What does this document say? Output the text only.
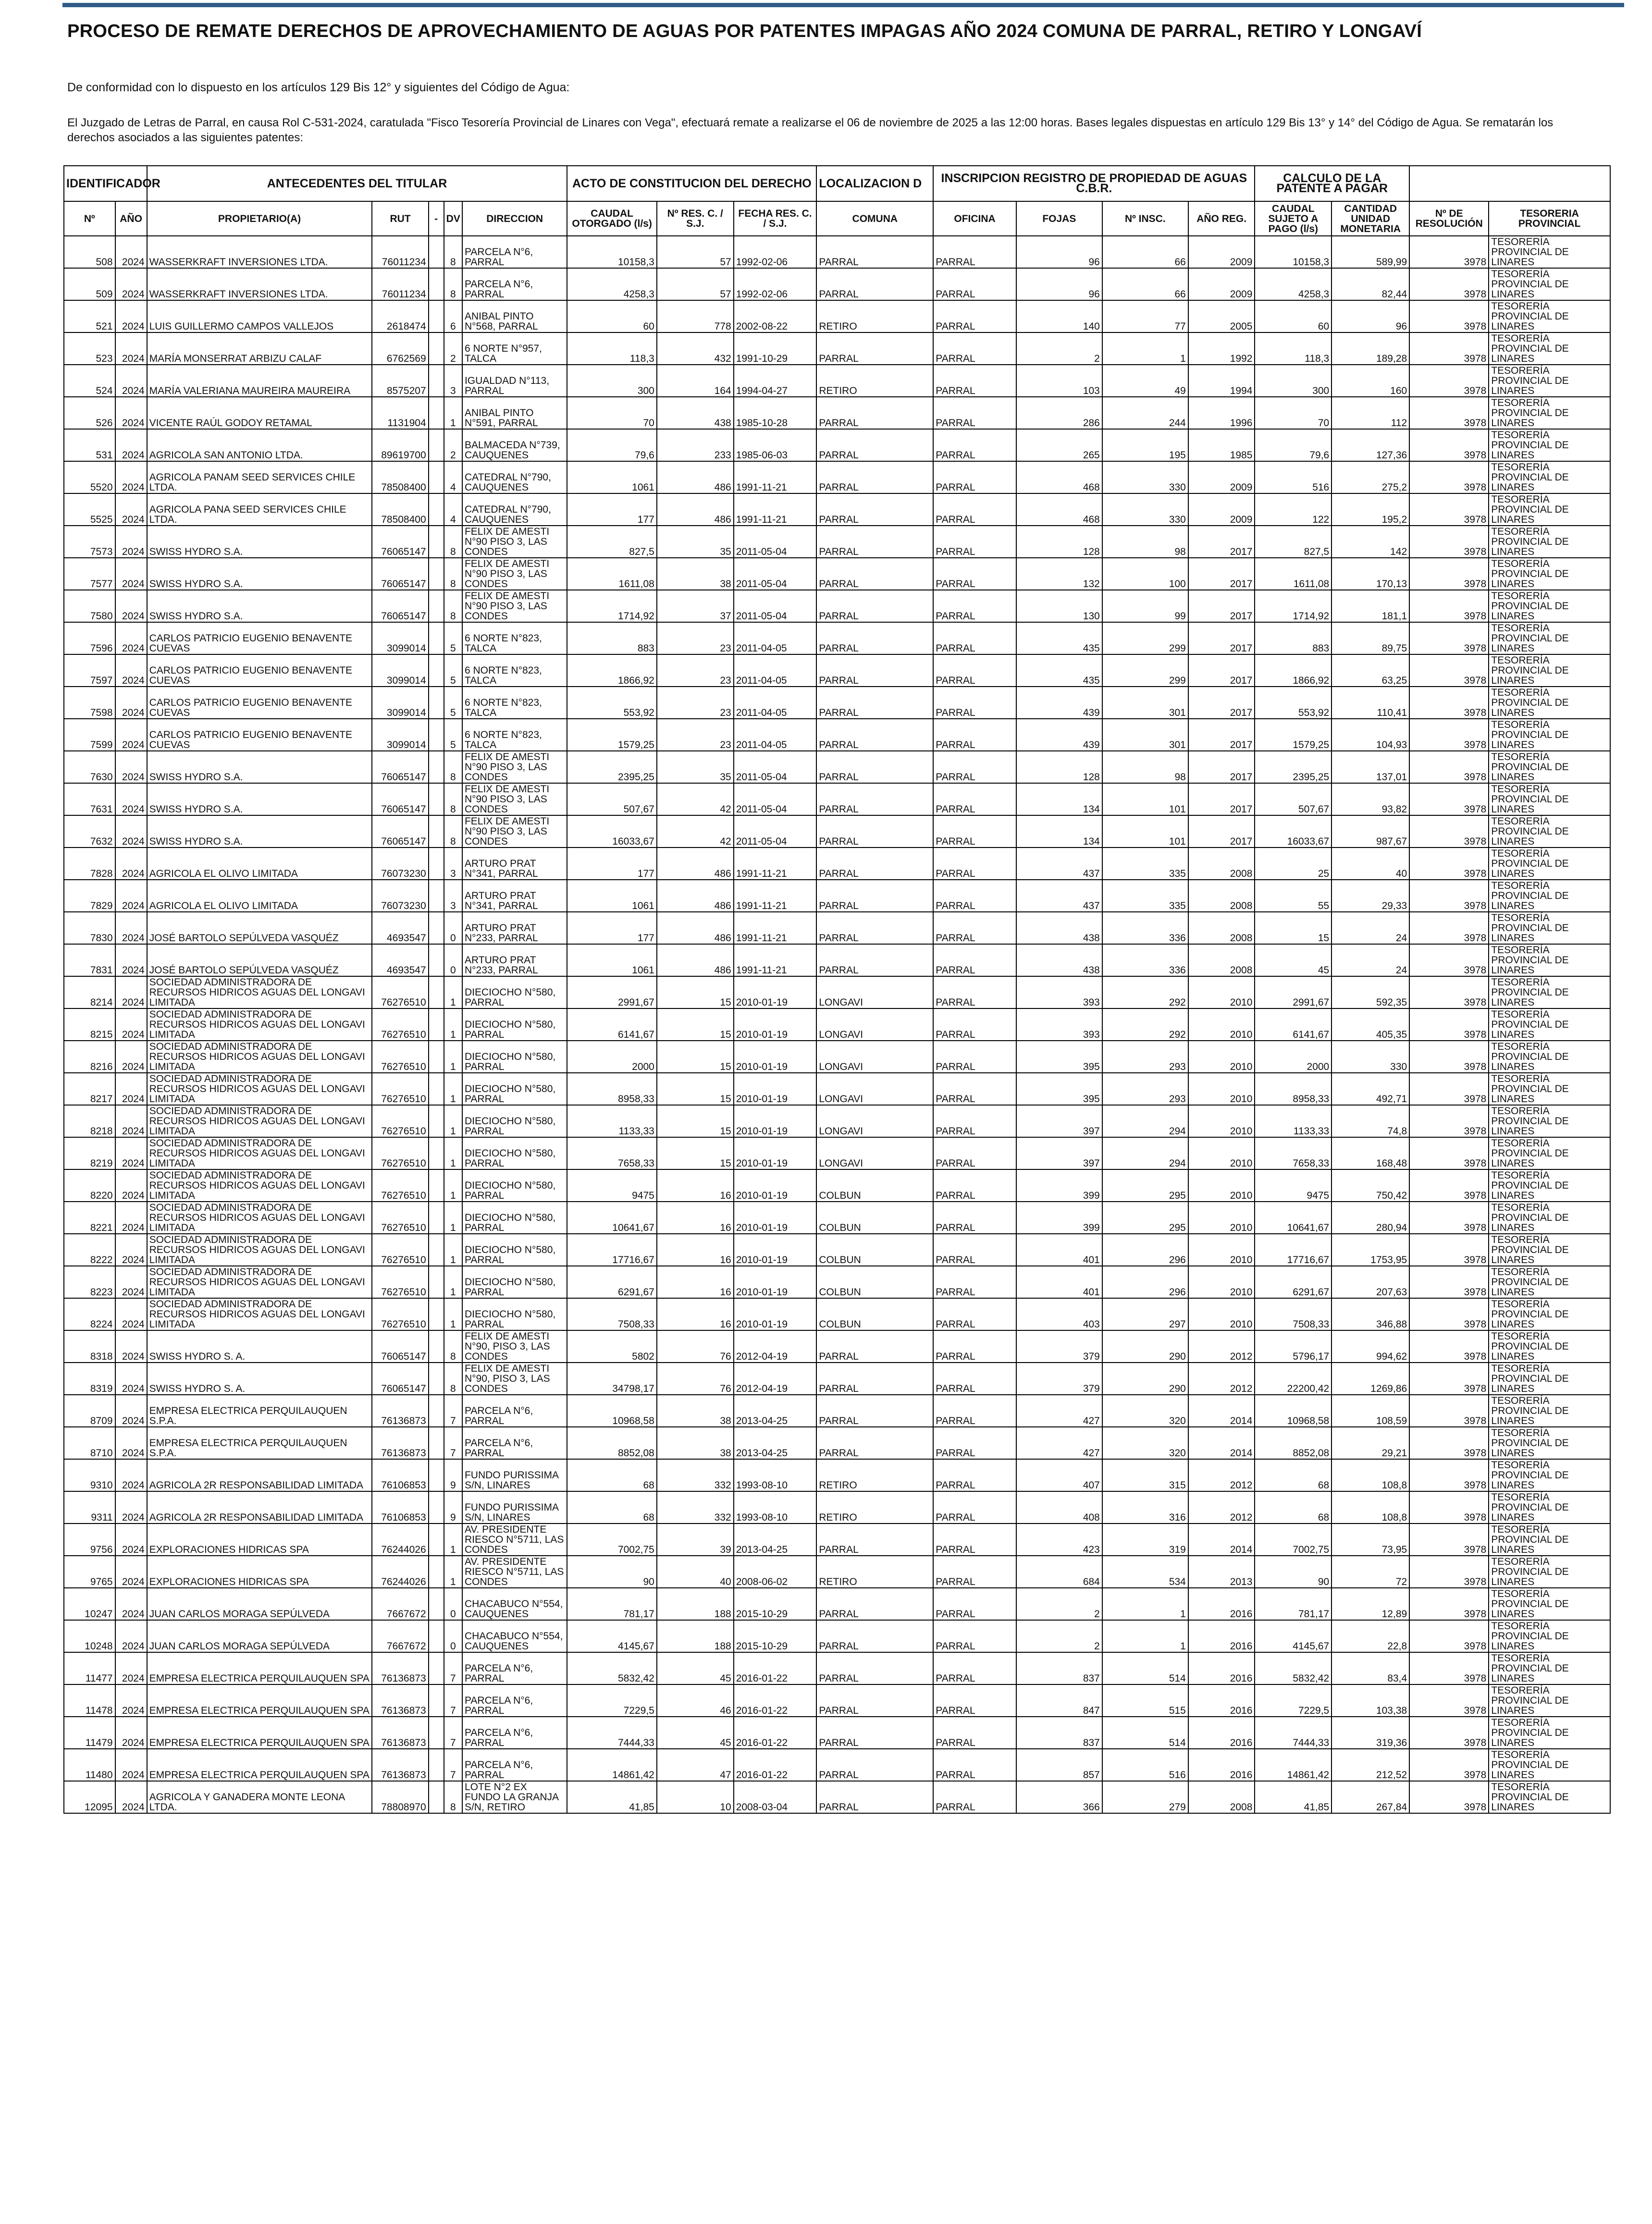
PROCESO DE REMATE DERECHOS DE APROVECHAMIENTO DE AGUAS POR PATENTES IMPAGAS AÑO 2024 COMUNA DE PARRAL, RETIRO Y LONGAVÍ
De conformidad con lo dispuesto en los artículos 129 Bis 12° y siguientes del Código de Agua:
El Juzgado de Letras de Parral, en causa Rol C-531-2024, caratulada "Fisco Tesorería Provincial de Linares con Vega", efectuará remate a realizarse el 06 de noviembre de 2025 a las 12:00 horas. Bases legales dispuestas en artículo 129 Bis 13° y 14° del Código de Agua. Se rematarán los derechos asociados a las siguientes patentes:
IDENTIFICADOR		ANTECEDENTES DEL TITULAR					ACTO DE CONSTITUCION DEL DERECHO			LOCALIZACION D	INSCRIPCION REGISTRO DE PROPIEDAD DE AGUAS C.B.R.				CALCULO DE LA PATENTE A PAGAR			
Nº	AÑO	PROPIETARIO(A)	RUT	-	DV	DIRECCION	CAUDAL OTORGADO (l/s)	Nº RES. C. / S.J.	FECHA RES. C. / S.J.	COMUNA	OFICINA	FOJAS	Nº INSC.	AÑO REG.	CAUDAL SUJETO A PAGO (l/s)	CANTIDAD UNIDAD MONETARIA	Nº DE RESOLUCIÓN	TESORERIA PROVINCIAL
508	2024	WASSERKRAFT INVERSIONES LTDA.	76011234		8	PARCELA N°6, PARRAL	10158,3	57	1992-02-06	PARRAL	PARRAL	96	66	2009	10158,3	589,99	3978	TESORERÍA PROVINCIAL DE LINARES
509	2024	WASSERKRAFT INVERSIONES LTDA.	76011234		8	PARCELA N°6, PARRAL	4258,3	57	1992-02-06	PARRAL	PARRAL	96	66	2009	4258,3	82,44	3978	TESORERÍA PROVINCIAL DE LINARES
521	2024	LUIS GUILLERMO CAMPOS VALLEJOS	2618474		6	ANIBAL PINTO N°568, PARRAL	60	778	2002-08-22	RETIRO	PARRAL	140	77	2005	60	96	3978	TESORERÍA PROVINCIAL DE LINARES
523	2024	MARÍA MONSERRAT ARBIZU CALAF	6762569		2	6 NORTE N°957, TALCA	118,3	432	1991-10-29	PARRAL	PARRAL	2	1	1992	118,3	189,28	3978	TESORERÍA PROVINCIAL DE LINARES
524	2024	MARÍA VALERIANA MAUREIRA MAUREIRA	8575207		3	IGUALDAD N°113, PARRAL	300	164	1994-04-27	RETIRO	PARRAL	103	49	1994	300	160	3978	TESORERÍA PROVINCIAL DE LINARES
526	2024	VICENTE RAÚL GODOY RETAMAL	1131904		1	ANIBAL PINTO N°591, PARRAL	70	438	1985-10-28	PARRAL	PARRAL	286	244	1996	70	112	3978	TESORERÍA PROVINCIAL DE LINARES
531	2024	AGRICOLA SAN ANTONIO LTDA.	89619700		2	BALMACEDA N°739, CAUQUENES	79,6	233	1985-06-03	PARRAL	PARRAL	265	195	1985	79,6	127,36	3978	TESORERÍA PROVINCIAL DE LINARES
5520	2024	AGRICOLA PANAM SEED SERVICES CHILE LTDA.	78508400		4	CATEDRAL N°790, CAUQUENES	1061	486	1991-11-21	PARRAL	PARRAL	468	330	2009	516	275,2	3978	TESORERÍA PROVINCIAL DE LINARES
5525	2024	AGRICOLA PANA SEED SERVICES CHILE LTDA.	78508400		4	CATEDRAL N°790, CAUQUENES	177	486	1991-11-21	PARRAL	PARRAL	468	330	2009	122	195,2	3978	TESORERÍA PROVINCIAL DE LINARES
7573	2024	SWISS HYDRO S.A.	76065147		8	FELIX DE AMESTI N°90 PISO 3, LAS CONDES	827,5	35	2011-05-04	PARRAL	PARRAL	128	98	2017	827,5	142	3978	TESORERÍA PROVINCIAL DE LINARES
7577	2024	SWISS HYDRO S.A.	76065147		8	FELIX DE AMESTI N°90 PISO 3, LAS CONDES	1611,08	38	2011-05-04	PARRAL	PARRAL	132	100	2017	1611,08	170,13	3978	TESORERÍA PROVINCIAL DE LINARES
7580	2024	SWISS HYDRO S.A.	76065147		8	FELIX DE AMESTI N°90 PISO 3, LAS CONDES	1714,92	37	2011-05-04	PARRAL	PARRAL	130	99	2017	1714,92	181,1	3978	TESORERÍA PROVINCIAL DE LINARES
7596	2024	CARLOS PATRICIO EUGENIO BENAVENTE CUEVAS	3099014		5	6 NORTE N°823, TALCA	883	23	2011-04-05	PARRAL	PARRAL	435	299	2017	883	89,75	3978	TESORERÍA PROVINCIAL DE LINARES
7597	2024	CARLOS PATRICIO EUGENIO BENAVENTE CUEVAS	3099014		5	6 NORTE N°823, TALCA	1866,92	23	2011-04-05	PARRAL	PARRAL	435	299	2017	1866,92	63,25	3978	TESORERÍA PROVINCIAL DE LINARES
7598	2024	CARLOS PATRICIO EUGENIO BENAVENTE CUEVAS	3099014		5	6 NORTE N°823, TALCA	553,92	23	2011-04-05	PARRAL	PARRAL	439	301	2017	553,92	110,41	3978	TESORERÍA PROVINCIAL DE LINARES
7599	2024	CARLOS PATRICIO EUGENIO BENAVENTE CUEVAS	3099014		5	6 NORTE N°823, TALCA	1579,25	23	2011-04-05	PARRAL	PARRAL	439	301	2017	1579,25	104,93	3978	TESORERÍA PROVINCIAL DE LINARES
7630	2024	SWISS HYDRO S.A.	76065147		8	FELIX DE AMESTI N°90 PISO 3, LAS CONDES	2395,25	35	2011-05-04	PARRAL	PARRAL	128	98	2017	2395,25	137,01	3978	TESORERÍA PROVINCIAL DE LINARES
7631	2024	SWISS HYDRO S.A.	76065147		8	FELIX DE AMESTI N°90 PISO 3, LAS CONDES	507,67	42	2011-05-04	PARRAL	PARRAL	134	101	2017	507,67	93,82	3978	TESORERÍA PROVINCIAL DE LINARES
7632	2024	SWISS HYDRO S.A.	76065147		8	FELIX DE AMESTI N°90 PISO 3, LAS CONDES	16033,67	42	2011-05-04	PARRAL	PARRAL	134	101	2017	16033,67	987,67	3978	TESORERÍA PROVINCIAL DE LINARES
7828	2024	AGRICOLA EL OLIVO LIMITADA	76073230		3	ARTURO PRAT N°341, PARRAL	177	486	1991-11-21	PARRAL	PARRAL	437	335	2008	25	40	3978	TESORERÍA PROVINCIAL DE LINARES
7829	2024	AGRICOLA EL OLIVO LIMITADA	76073230		3	ARTURO PRAT N°341, PARRAL	1061	486	1991-11-21	PARRAL	PARRAL	437	335	2008	55	29,33	3978	TESORERÍA PROVINCIAL DE LINARES
7830	2024	JOSÉ BARTOLO SEPÚLVEDA VASQUÉZ	4693547		0	ARTURO PRAT N°233, PARRAL	177	486	1991-11-21	PARRAL	PARRAL	438	336	2008	15	24	3978	TESORERÍA PROVINCIAL DE LINARES
7831	2024	JOSÉ BARTOLO SEPÚLVEDA VASQUÉZ	4693547		0	ARTURO PRAT N°233, PARRAL	1061	486	1991-11-21	PARRAL	PARRAL	438	336	2008	45	24	3978	TESORERÍA PROVINCIAL DE LINARES
8214	2024	SOCIEDAD ADMINISTRADORA DE RECURSOS HIDRICOS AGUAS DEL LONGAVI LIMITADA	76276510		1	DIECIOCHO N°580, PARRAL	2991,67	15	2010-01-19	LONGAVI	PARRAL	393	292	2010	2991,67	592,35	3978	TESORERÍA PROVINCIAL DE LINARES
8215	2024	SOCIEDAD ADMINISTRADORA DE RECURSOS HIDRICOS AGUAS DEL LONGAVI LIMITADA	76276510		1	DIECIOCHO N°580, PARRAL	6141,67	15	2010-01-19	LONGAVI	PARRAL	393	292	2010	6141,67	405,35	3978	TESORERÍA PROVINCIAL DE LINARES
8216	2024	SOCIEDAD ADMINISTRADORA DE RECURSOS HIDRICOS AGUAS DEL LONGAVI LIMITADA	76276510		1	DIECIOCHO N°580, PARRAL	2000	15	2010-01-19	LONGAVI	PARRAL	395	293	2010	2000	330	3978	TESORERÍA PROVINCIAL DE LINARES
8217	2024	SOCIEDAD ADMINISTRADORA DE RECURSOS HIDRICOS AGUAS DEL LONGAVI LIMITADA	76276510		1	DIECIOCHO N°580, PARRAL	8958,33	15	2010-01-19	LONGAVI	PARRAL	395	293	2010	8958,33	492,71	3978	TESORERÍA PROVINCIAL DE LINARES
8218	2024	SOCIEDAD ADMINISTRADORA DE RECURSOS HIDRICOS AGUAS DEL LONGAVI LIMITADA	76276510		1	DIECIOCHO N°580, PARRAL	1133,33	15	2010-01-19	LONGAVI	PARRAL	397	294	2010	1133,33	74,8	3978	TESORERÍA PROVINCIAL DE LINARES
8219	2024	SOCIEDAD ADMINISTRADORA DE RECURSOS HIDRICOS AGUAS DEL LONGAVI LIMITADA	76276510		1	DIECIOCHO N°580, PARRAL	7658,33	15	2010-01-19	LONGAVI	PARRAL	397	294	2010	7658,33	168,48	3978	TESORERÍA PROVINCIAL DE LINARES
8220	2024	SOCIEDAD ADMINISTRADORA DE RECURSOS HIDRICOS AGUAS DEL LONGAVI LIMITADA	76276510		1	DIECIOCHO N°580, PARRAL	9475	16	2010-01-19	COLBUN	PARRAL	399	295	2010	9475	750,42	3978	TESORERÍA PROVINCIAL DE LINARES
8221	2024	SOCIEDAD ADMINISTRADORA DE RECURSOS HIDRICOS AGUAS DEL LONGAVI LIMITADA	76276510		1	DIECIOCHO N°580, PARRAL	10641,67	16	2010-01-19	COLBUN	PARRAL	399	295	2010	10641,67	280,94	3978	TESORERÍA PROVINCIAL DE LINARES
8222	2024	SOCIEDAD ADMINISTRADORA DE RECURSOS HIDRICOS AGUAS DEL LONGAVI LIMITADA	76276510		1	DIECIOCHO N°580, PARRAL	17716,67	16	2010-01-19	COLBUN	PARRAL	401	296	2010	17716,67	1753,95	3978	TESORERÍA PROVINCIAL DE LINARES
8223	2024	SOCIEDAD ADMINISTRADORA DE RECURSOS HIDRICOS AGUAS DEL LONGAVI LIMITADA	76276510		1	DIECIOCHO N°580, PARRAL	6291,67	16	2010-01-19	COLBUN	PARRAL	401	296	2010	6291,67	207,63	3978	TESORERÍA PROVINCIAL DE LINARES
8224	2024	SOCIEDAD ADMINISTRADORA DE RECURSOS HIDRICOS AGUAS DEL LONGAVI LIMITADA	76276510		1	DIECIOCHO N°580, PARRAL	7508,33	16	2010-01-19	COLBUN	PARRAL	403	297	2010	7508,33	346,88	3978	TESORERÍA PROVINCIAL DE LINARES
8318	2024	SWISS HYDRO S. A.	76065147		8	FELIX DE AMESTI N°90, PISO 3, LAS CONDES	5802	76	2012-04-19	PARRAL	PARRAL	379	290	2012	5796,17	994,62	3978	TESORERÍA PROVINCIAL DE LINARES
8319	2024	SWISS HYDRO S. A.	76065147		8	FELIX DE AMESTI N°90, PISO 3, LAS CONDES	34798,17	76	2012-04-19	PARRAL	PARRAL	379	290	2012	22200,42	1269,86	3978	TESORERÍA PROVINCIAL DE LINARES
8709	2024	EMPRESA ELECTRICA PERQUILAUQUEN S.P.A.	76136873		7	PARCELA N°6, PARRAL	10968,58	38	2013-04-25	PARRAL	PARRAL	427	320	2014	10968,58	108,59	3978	TESORERÍA PROVINCIAL DE LINARES
8710	2024	EMPRESA ELECTRICA PERQUILAUQUEN S.P.A.	76136873		7	PARCELA N°6, PARRAL	8852,08	38	2013-04-25	PARRAL	PARRAL	427	320	2014	8852,08	29,21	3978	TESORERÍA PROVINCIAL DE LINARES
9310	2024	AGRICOLA 2R RESPONSABILIDAD LIMITADA	76106853		9	FUNDO PURISSIMA S/N, LINARES	68	332	1993-08-10	RETIRO	PARRAL	407	315	2012	68	108,8	3978	TESORERÍA PROVINCIAL DE LINARES
9311	2024	AGRICOLA 2R RESPONSABILIDAD LIMITADA	76106853		9	FUNDO PURISSIMA S/N, LINARES	68	332	1993-08-10	RETIRO	PARRAL	408	316	2012	68	108,8	3978	TESORERÍA PROVINCIAL DE LINARES
9756	2024	EXPLORACIONES HIDRICAS SPA	76244026		1	AV. PRESIDENTE RIESCO N°5711, LAS CONDES	7002,75	39	2013-04-25	PARRAL	PARRAL	423	319	2014	7002,75	73,95	3978	TESORERÍA PROVINCIAL DE LINARES
9765	2024	EXPLORACIONES HIDRICAS SPA	76244026		1	AV. PRESIDENTE RIESCO N°5711, LAS CONDES	90	40	2008-06-02	RETIRO	PARRAL	684	534	2013	90	72	3978	TESORERÍA PROVINCIAL DE LINARES
10247	2024	JUAN CARLOS MORAGA SEPÚLVEDA	7667672		0	CHACABUCO N°554, CAUQUENES	781,17	188	2015-10-29	PARRAL	PARRAL	2	1	2016	781,17	12,89	3978	TESORERÍA PROVINCIAL DE LINARES
10248	2024	JUAN CARLOS MORAGA SEPÚLVEDA	7667672		0	CHACABUCO N°554, CAUQUENES	4145,67	188	2015-10-29	PARRAL	PARRAL	2	1	2016	4145,67	22,8	3978	TESORERÍA PROVINCIAL DE LINARES
11477	2024	EMPRESA ELECTRICA PERQUILAUQUEN SPA	76136873		7	PARCELA N°6, PARRAL	5832,42	45	2016-01-22	PARRAL	PARRAL	837	514	2016	5832,42	83,4	3978	TESORERÍA PROVINCIAL DE LINARES
11478	2024	EMPRESA ELECTRICA PERQUILAUQUEN SPA	76136873		7	PARCELA N°6, PARRAL	7229,5	46	2016-01-22	PARRAL	PARRAL	847	515	2016	7229,5	103,38	3978	TESORERÍA PROVINCIAL DE LINARES
11479	2024	EMPRESA ELECTRICA PERQUILAUQUEN SPA	76136873		7	PARCELA N°6, PARRAL	7444,33	45	2016-01-22	PARRAL	PARRAL	837	514	2016	7444,33	319,36	3978	TESORERÍA PROVINCIAL DE LINARES
11480	2024	EMPRESA ELECTRICA PERQUILAUQUEN SPA	76136873		7	PARCELA N°6, PARRAL	14861,42	47	2016-01-22	PARRAL	PARRAL	857	516	2016	14861,42	212,52	3978	TESORERÍA PROVINCIAL DE LINARES
12095	2024	AGRICOLA Y GANADERA MONTE LEONA LTDA.	78808970		8	LOTE N°2 EX FUNDO LA GRANJA S/N, RETIRO	41,85	10	2008-03-04	PARRAL	PARRAL	366	279	2008	41,85	267,84	3978	TESORERÍA PROVINCIAL DE LINARES
